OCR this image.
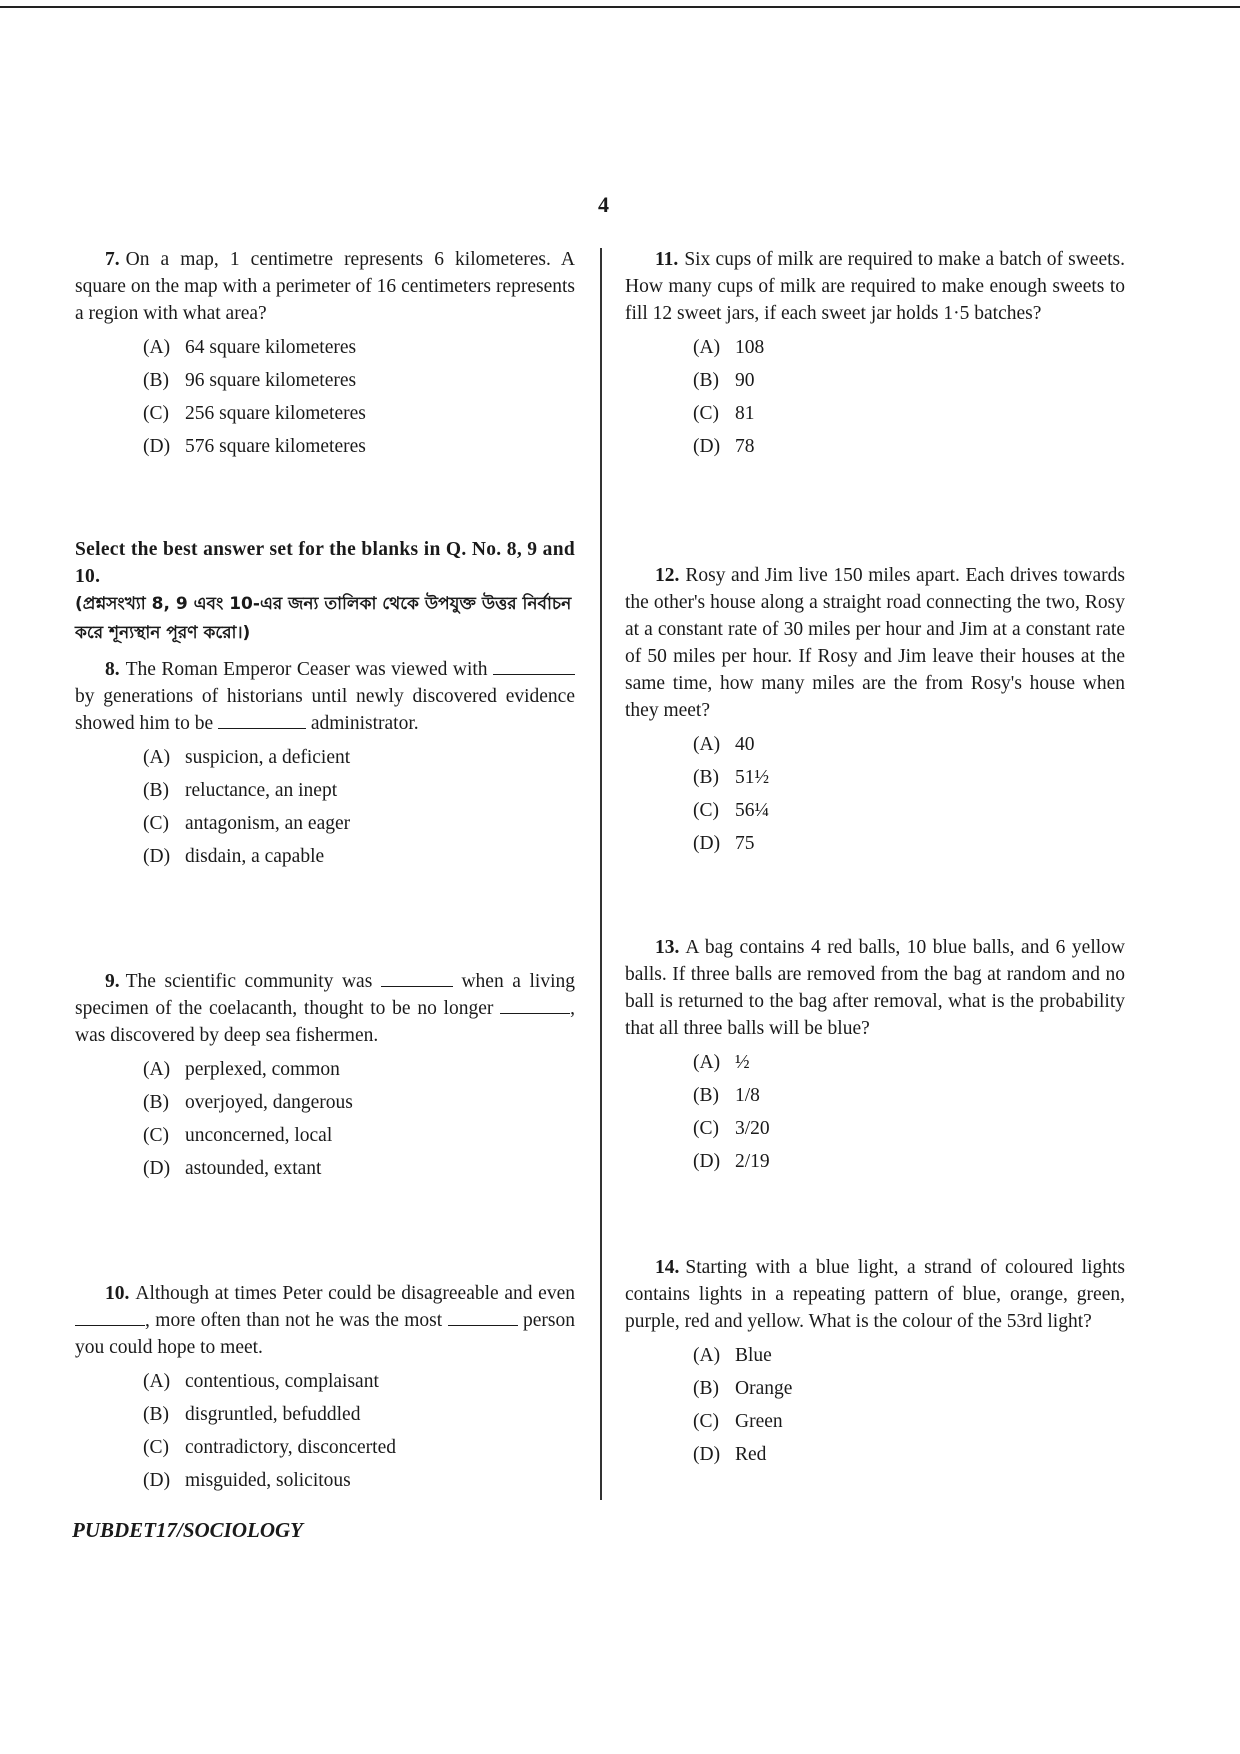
4
7. On a map, 1 centimetre represents 6 kilometeres. A square on the map with a perimeter of 16 centimeters represents a region with what area?
(A) 64 square kilometeres
(B) 96 square kilometeres
(C) 256 square kilometeres
(D) 576 square kilometeres
Select the best answer set for the blanks in Q. No. 8, 9 and 10.
(প্রশ্নসংখ্যা 8, 9 এবং 10-এর জন্য তালিকা থেকে উপযুক্ত উত্তর নির্বাচন করে শূন্যস্থান পূরণ করো।)
8. The Roman Emperor Ceaser was viewed with by generations of historians until newly discovered evidence showed him to be	administrator.
(A) suspicion, a deficient
(B) reluctance, an inept
(C) antagonism, an eager
(D) disdain, a capable
9. The scientific community was	when a living specimen of the coelacanth, thought to be no longer	, was discovered by deep sea fishermen.
(A) perplexed, common
(B) overjoyed, dangerous
(C) unconcerned, local
(D) astounded, extant
10. Although at times Peter could be disagreeable and even , more often than not he was the most	person you could hope to meet.
(A) contentious, complaisant
(B) disgruntled, befuddled
(C) contradictory, disconcerted
(D) misguided, solicitous
11. Six cups of milk are required to make a batch of sweets. How many cups of milk are required to make enough sweets to fill 12 sweet jars, if each sweet jar holds 1·5 batches?
(A) 108
(B) 90
(C) 81
(D) 78
12. Rosy and Jim live 150 miles apart. Each drives towards the other's house along a straight road connecting the two, Rosy at a constant rate of 30 miles per hour and Jim at a constant rate of 50 miles per hour. If Rosy and Jim leave their houses at the same time, how many miles are the from Rosy's house when they meet?
(A) 40
(B) 51½
(C) 56¼
(D) 75
13. A bag contains 4 red balls, 10 blue balls, and 6 yellow balls. If three balls are removed from the bag at random and no ball is returned to the bag after removal, what is the probability that all three balls will be blue?
(A) ½
(B) 1/8
(C) 3/20
(D) 2/19
14. Starting with a blue light, a strand of coloured lights contains lights in a repeating pattern of blue, orange, green, purple, red and yellow. What is the colour of the 53rd light?
(A) Blue
(B) Orange
(C) Green
(D) Red
PUBDET17/SOCIOLOGY
